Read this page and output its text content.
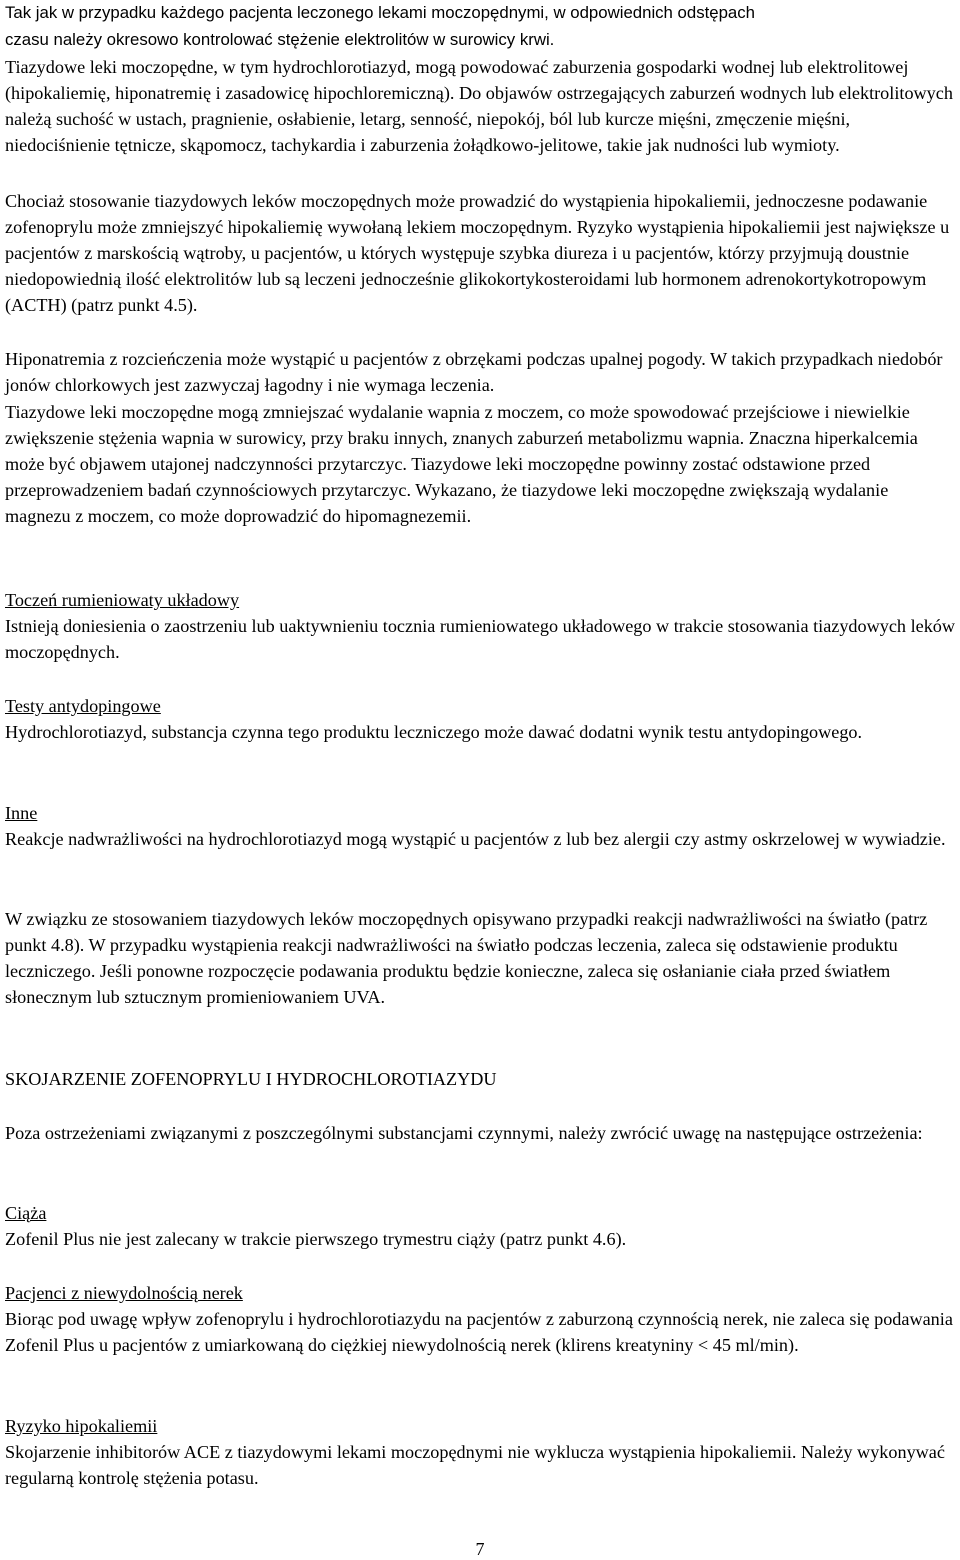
Tak jak w przypadku każdego pacjenta leczonego lekami moczopędnymi, w odpowiednich odstępach

czasu należy okresowo kontrolować stężenie elektrolitów w surowicy krwi.

Tiazydowe leki moczopędne, w tym hydrochlorotiazyd, mogą powodować zaburzenia gospodarki wodnej lub elektrolitowej (hipokaliemię, hiponatremię i zasadowicę hipochloremiczną). Do objawów ostrzegających zaburzeń wodnych lub elektrolitowych należą suchość w ustach, pragnienie, osłabienie, letarg, senność, niepokój, ból lub kurcze mięśni, zmęczenie mięśni, niedociśnienie tętnicze, skąpomocz, tachykardia i zaburzenia żołądkowo-jelitowe, takie jak nudności lub wymioty.

Chociaż stosowanie tiazydowych leków moczopędnych może prowadzić do wystąpienia hipokaliemii, jednoczesne podawanie zofenoprylu może zmniejszyć hipokaliemię wywołaną lekiem moczopędnym. Ryzyko wystąpienia hipokaliemii jest największe u pacjentów z marskością wątroby, u pacjentów, u których występuje szybka diureza i u pacjentów, którzy przyjmują doustnie niedopowiednią ilość elektrolitów lub są leczeni jednocześnie glikokortykosteroidami lub hormonem adrenokortykotropowym (ACTH) (patrz punkt 4.5).

Hiponatremia z rozcieńczenia może wystąpić u pacjentów z obrzękami podczas upalnej pogody. W takich przypadkach niedobór jonów chlorkowych jest zazwyczaj łagodny i nie wymaga leczenia.

Tiazydowe leki moczopędne mogą zmniejszać wydalanie wapnia z moczem, co może spowodować przejściowe i niewielkie zwiększenie stężenia wapnia w surowicy, przy braku innych, znanych zaburzeń metabolizmu wapnia. Znaczna hiperkalcemia może być objawem utajonej nadczynności przytarczyc. Tiazydowe leki moczopędne powinny zostać odstawione przed przeprowadzeniem badań czynnościowych przytarczyc. Wykazano, że tiazydowe leki moczopędne zwiększają wydalanie magnezu z moczem, co może doprowadzić do hipomagnezemii.

Toczeń rumieniowaty układowy

Istnieją doniesienia o zaostrzeniu lub uaktywnieniu tocznia rumieniowatego układowego w trakcie stosowania tiazydowych leków moczopędnych.

Testy antydopingowe

Hydrochlorotiazyd, substancja czynna tego produktu leczniczego może dawać dodatni wynik testu antydopingowego.

Inne

Reakcje nadwrażliwości na hydrochlorotiazyd mogą wystąpić u pacjentów z lub bez alergii czy astmy oskrzelowej w wywiadzie.

W związku ze stosowaniem tiazydowych leków moczopędnych opisywano przypadki reakcji nadwrażliwości na światło (patrz punkt 4.8). W przypadku wystąpienia reakcji nadwrażliwości na światło podczas leczenia, zaleca się odstawienie produktu leczniczego. Jeśli ponowne rozpoczęcie podawania produktu będzie konieczne, zaleca się osłanianie ciała przed światłem słonecznym lub sztucznym promieniowaniem UVA.

SKOJARZENIE ZOFENOPRYLU I HYDROCHLOROTIAZYDU

Poza ostrzeżeniami związanymi z poszczególnymi substancjami czynnymi, należy zwrócić uwagę na następujące ostrzeżenia:

Ciąża

Zofenil Plus nie jest zalecany w trakcie pierwszego trymestru ciąży (patrz punkt 4.6).

Pacjenci z niewydolnością nerek

Biorąc pod uwagę wpływ zofenoprylu i hydrochlorotiazydu na pacjentów z zaburzoną czynnością nerek, nie zaleca się podawania Zofenil Plus u pacjentów z umiarkowaną do ciężkiej niewydolnością nerek (klirens kreatyniny < 45 ml/min).

Ryzyko hipokaliemii

Skojarzenie inhibitorów ACE z tiazydowymi lekami moczopędnymi nie wyklucza wystąpienia hipokaliemii. Należy wykonywać regularną kontrolę stężenia potasu.

7
